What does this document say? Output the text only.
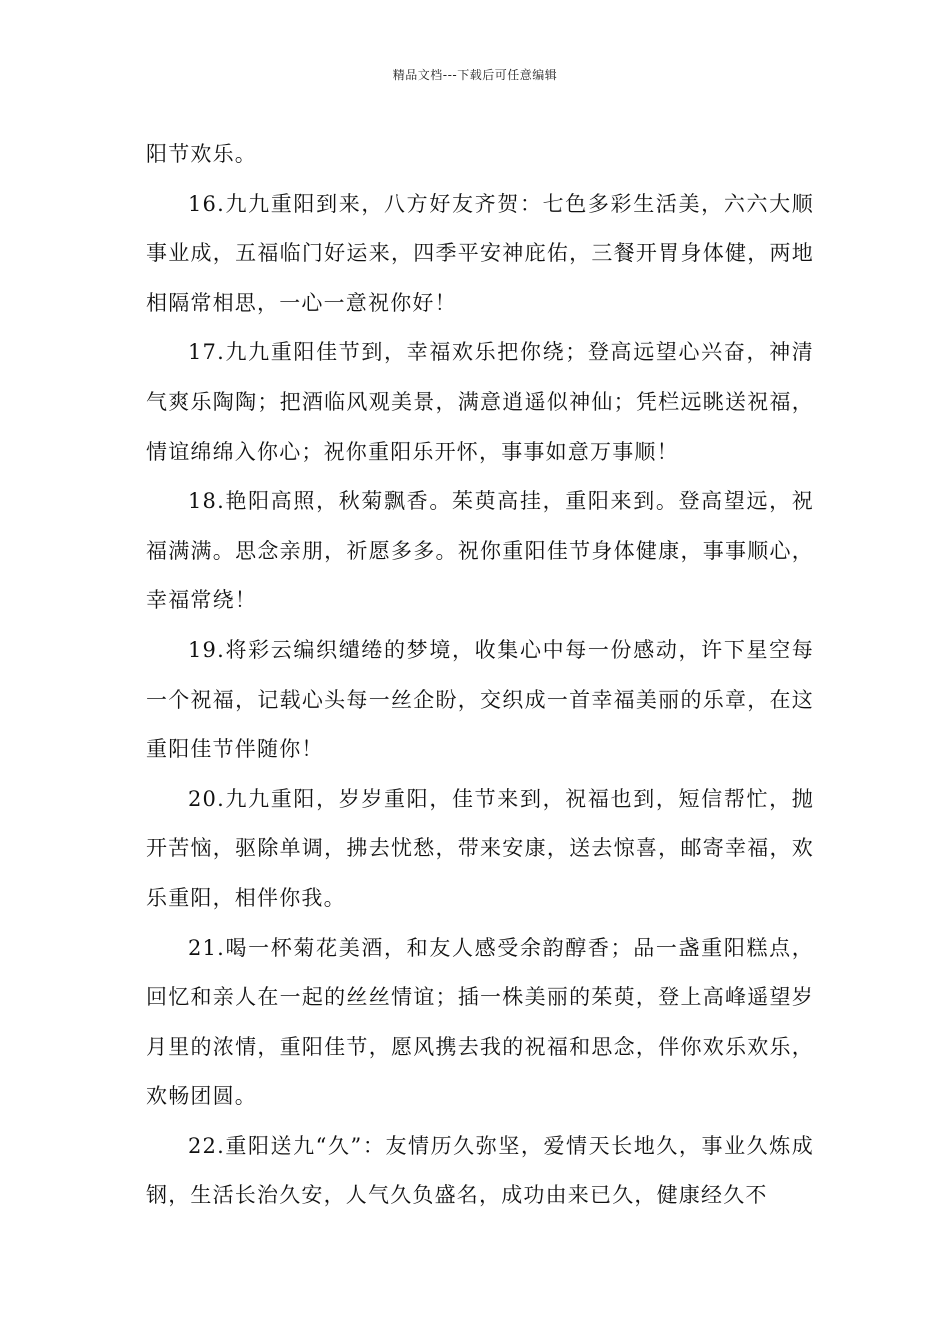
精品文档---下载后可任意编辑

阳节欢乐。

16.九九重阳到来，八方好友齐贺：七色多彩生活美，六六大顺事业成，五福临门好运来，四季平安神庇佑，三餐开胃身体健，两地相隔常相思，一心一意祝你好！

17.九九重阳佳节到，幸福欢乐把你绕；登高远望心兴奋，神清气爽乐陶陶；把酒临风观美景，满意逍遥似神仙；凭栏远眺送祝福，情谊绵绵入你心；祝你重阳乐开怀，事事如意万事顺！

18.艳阳高照，秋菊飘香。茱萸高挂，重阳来到。登高望远，祝福满满。思念亲朋，祈愿多多。祝你重阳佳节身体健康，事事顺心，幸福常绕！

19.将彩云编织缱绻的梦境，收集心中每一份感动，许下星空每一个祝福，记载心头每一丝企盼，交织成一首幸福美丽的乐章，在这重阳佳节伴随你！

20.九九重阳，岁岁重阳，佳节来到，祝福也到，短信帮忙，抛开苦恼，驱除单调，拂去忧愁，带来安康，送去惊喜，邮寄幸福，欢乐重阳，相伴你我。

21.喝一杯菊花美酒，和友人感受余韵醇香；品一盏重阳糕点，回忆和亲人在一起的丝丝情谊；插一株美丽的茱萸，登上高峰遥望岁月里的浓情，重阳佳节，愿风携去我的祝福和思念，伴你欢乐欢乐，欢畅团圆。

22.重阳送九“久”：友情历久弥坚，爱情天长地久，事业久炼成钢，生活长治久安，人气久负盛名，成功由来已久，健康经久不
